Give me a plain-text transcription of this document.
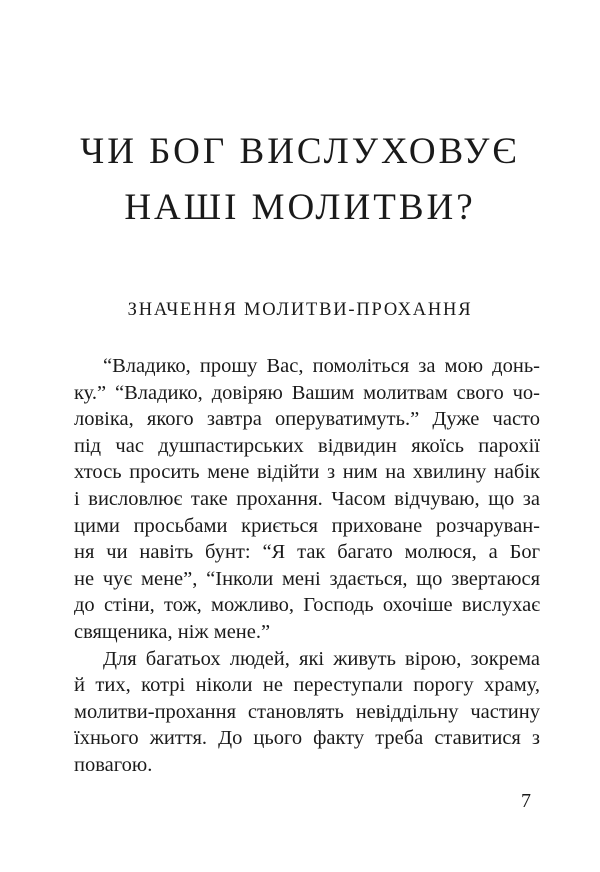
ЧИ БОГ ВИСЛУХОВУЄ
НАШІ МОЛИТВИ?
ЗНАЧЕННЯ МОЛИТВИ-ПРОХАННЯ
“Владико, прошу Вас, помоліться за мою донь-
ку.” “Владико, довіряю Вашим молитвам свого чо-
ловіка, якого завтра оперуватимуть.” Дуже часто
під час душпастирських відвидин якоїсь парохії
хтось просить мене відійти з ним на хвилину набік
і висловлює таке прохання. Часом відчуваю, що за
цими просьбами криється приховане розчаруван-
ня чи навіть бунт: “Я так багато молюся, а Бог
не чує мене”, “Інколи мені здається, що звертаюся
до стіни, тож, можливо, Господь охочіше вислухає
священика, ніж мене.”
Для багатьох людей, які живуть вірою, зокрема
й тих, котрі ніколи не переступали порогу храму,
молитви-прохання становлять невіддільну частину
їхнього життя. До цього факту треба ставитися з
повагою.
7
